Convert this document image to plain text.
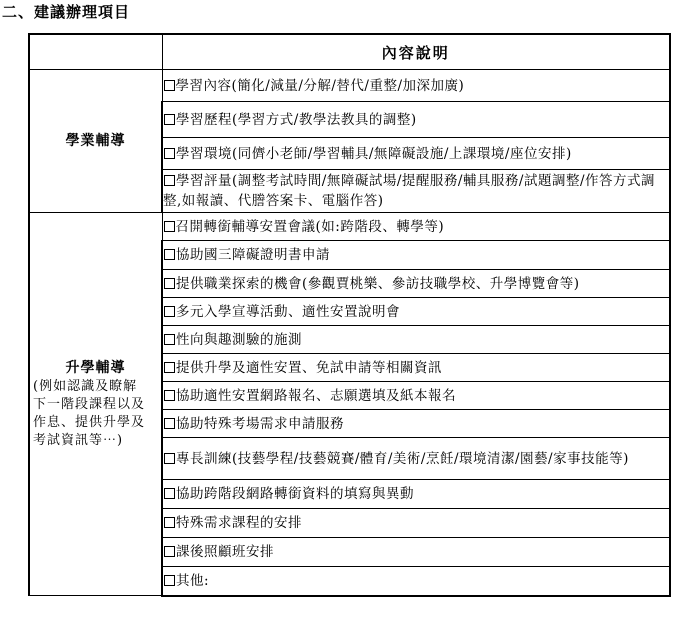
二、建議辦理項目
	內容說明

學業輔導	學習內容(簡化/減量/分解/替代/重整/加深加廣)
	學習歷程(學習方式/教學法教具的調整)
	學習環境(同儕小老師/學習輔具/無障礙設施/上課環境/座位安排)
	學習評量(調整考試時間/無障礙試場/提醒服務/輔具服務/試題調整/作答方式調整,如報讀、代謄答案卡、電腦作答)

升學輔導
(例如認識及瞭解
下一階段課程以及
作息、提供升學及
考試資訊等⋯)	召開轉銜輔導安置會議(如:跨階段、轉學等)
	協助國三障礙證明書申請
	提供職業探索的機會(參觀賈桃樂、參訪技職學校、升學博覽會等)
	多元入學宣導活動、適性安置說明會
	性向與趣測驗的施測
	提供升學及適性安置、免試申請等相關資訊
	協助適性安置網路報名、志願選填及紙本報名
	協助特殊考場需求申請服務
	專長訓練(技藝學程/技藝競賽/體育/美術/烹飪/環境清潔/園藝/家事技能等)
	協助跨階段網路轉銜資料的填寫與異動
	特殊需求課程的安排
	課後照顧班安排
	其他:
